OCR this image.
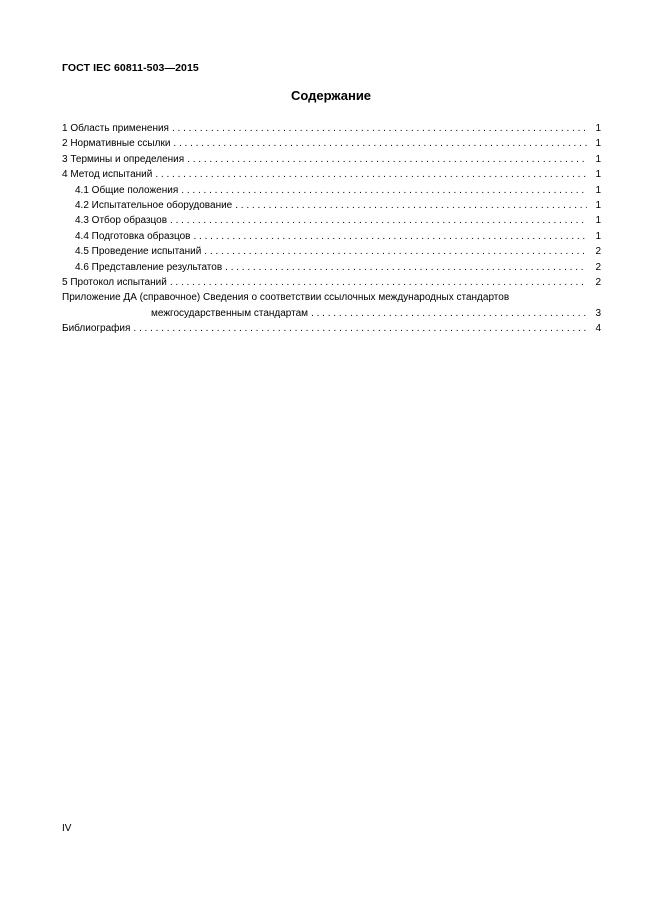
ГОСТ IEC 60811-503—2015
Содержание
1 Область применения . . .	1
2 Нормативные ссылки . . .	1
3 Термины и определения . . .	1
4 Метод испытаний . . .	1
4.1 Общие положения . . .	1
4.2 Испытательное оборудование . . .	1
4.3 Отбор образцов . . .	1
4.4 Подготовка образцов . . .	1
4.5 Проведение испытаний . . .	2
4.6 Представление результатов . . .	2
5 Протокол испытаний . . .	2
Приложение ДА (справочное) Сведения о соответствии ссылочных международных стандартов
межгосударственным стандартам . . .	3
Библиография . . .	4
IV
